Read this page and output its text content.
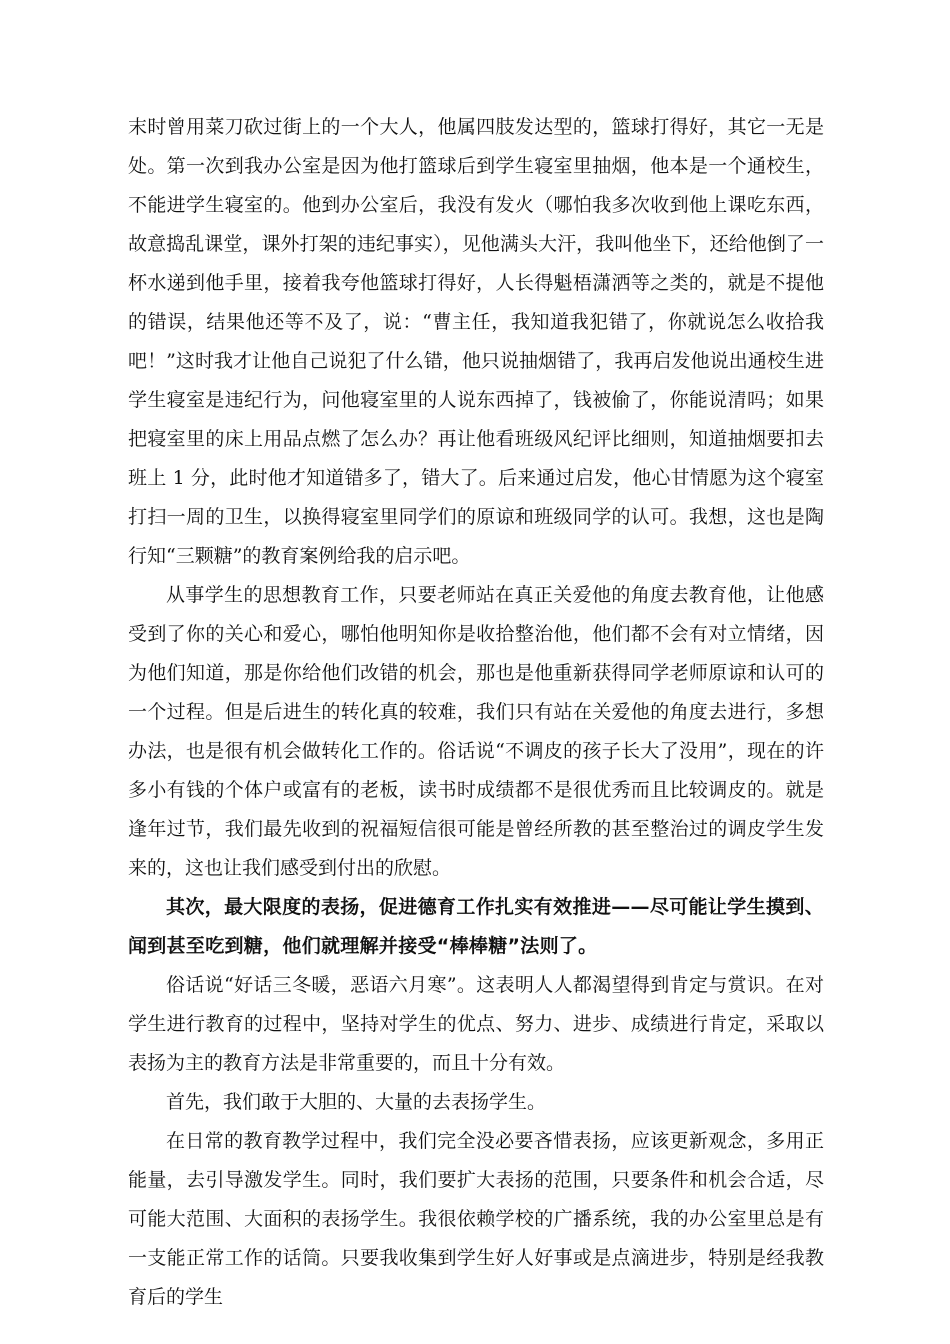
末时曾用菜刀砍过街上的一个大人，他属四肢发达型的，篮球打得好，其它一无是处。第一次到我办公室是因为他打篮球后到学生寝室里抽烟，他本是一个通校生，不能进学生寝室的。他到办公室后，我没有发火（哪怕我多次收到他上课吃东西，故意捣乱课堂，课外打架的违纪事实），见他满头大汗，我叫他坐下，还给他倒了一杯水递到他手里，接着我夸他篮球打得好，人长得魁梧潇洒等之类的，就是不提他的错误，结果他还等不及了，说：“曹主任，我知道我犯错了，你就说怎么收拾我吧！”这时我才让他自己说犯了什么错，他只说抽烟错了，我再启发他说出通校生进学生寝室是违纪行为，问他寝室里的人说东西掉了，钱被偷了，你能说清吗；如果把寝室里的床上用品点燃了怎么办？再让他看班级风纪评比细则，知道抽烟要扣去班上 1 分，此时他才知道错多了，错大了。后来通过启发，他心甘情愿为这个寝室打扫一周的卫生，以换得寝室里同学们的原谅和班级同学的认可。我想，这也是陶行知“三颗糖”的教育案例给我的启示吧。

从事学生的思想教育工作，只要老师站在真正关爱他的角度去教育他，让他感受到了你的关心和爱心，哪怕他明知你是收拾整治他，他们都不会有对立情绪，因为他们知道，那是你给他们改错的机会，那也是他重新获得同学老师原谅和认可的一个过程。但是后进生的转化真的较难，我们只有站在关爱他的角度去进行，多想办法，也是很有机会做转化工作的。俗话说“不调皮的孩子长大了没用”，现在的许多小有钱的个体户或富有的老板，读书时成绩都不是很优秀而且比较调皮的。就是逢年过节，我们最先收到的祝福短信很可能是曾经所教的甚至整治过的调皮学生发来的，这也让我们感受到付出的欣慰。

其次，最大限度的表扬，促进德育工作扎实有效推进——尽可能让学生摸到、闻到甚至吃到糖，他们就理解并接受“棒棒糖”法则了。

俗话说“好话三冬暖，恶语六月寒”。这表明人人都渴望得到肯定与赏识。在对学生进行教育的过程中，坚持对学生的优点、努力、进步、成绩进行肯定，采取以表扬为主的教育方法是非常重要的，而且十分有效。

首先，我们敢于大胆的、大量的去表扬学生。

在日常的教育教学过程中，我们完全没必要吝惜表扬，应该更新观念，多用正能量，去引导激发学生。同时，我们要扩大表扬的范围，只要条件和机会合适，尽可能大范围、大面积的表扬学生。我很依赖学校的广播系统，我的办公室里总是有一支能正常工作的话筒。只要我收集到学生好人好事或是点滴进步，特别是经我教育后的学生
